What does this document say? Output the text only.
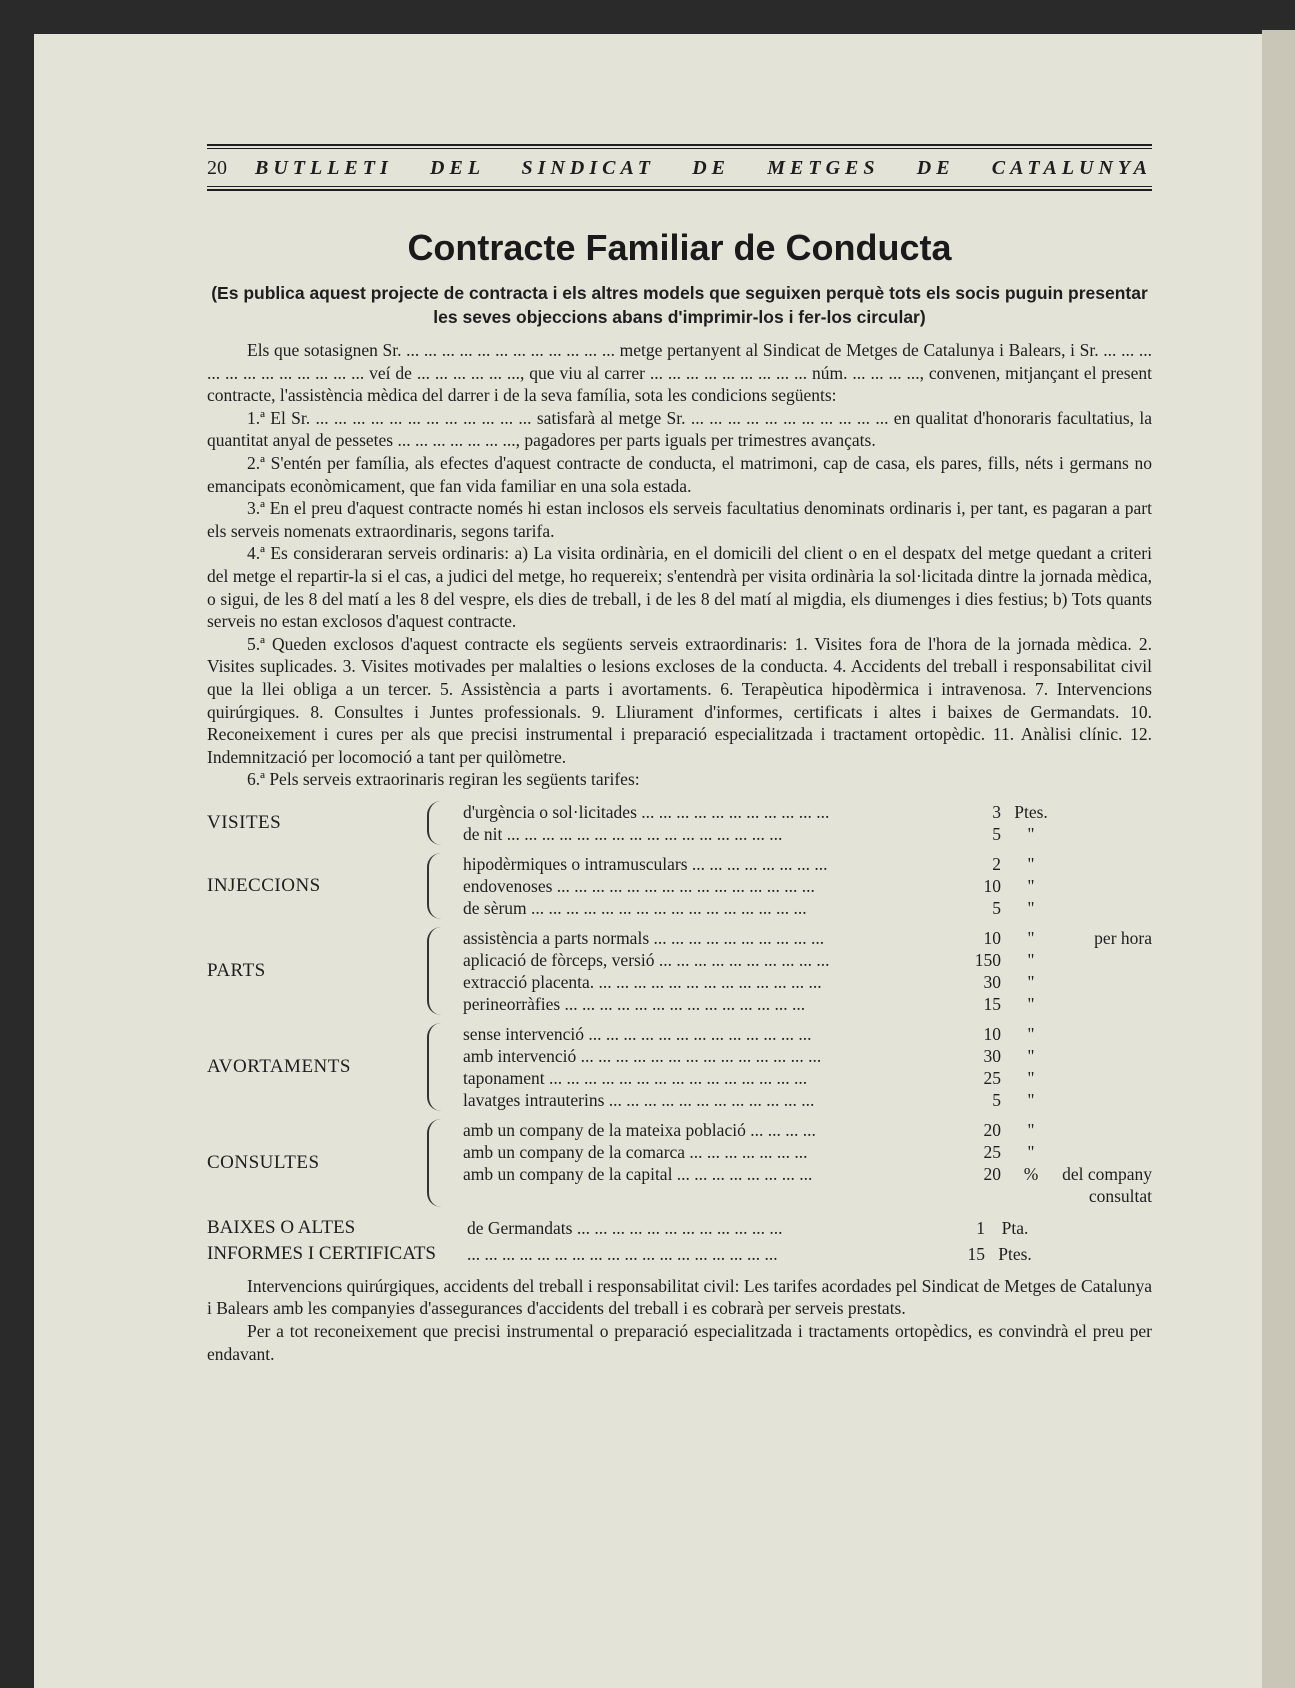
20 BUTLLETI DEL SINDICAT DE METGES DE CATALUNYA
Contracte Familiar de Conducta
(Es publica aquest projecte de contracta i els altres models que seguixen perquè tots els socis puguin presentar les seves objeccions abans d'imprimir-los i fer-los circular)

Els que sotasignen Sr. ... ... ... ... ... ... ... ... ... ... ... ... metge pertanyent al Sindicat de Metges de Catalunya i Balears, i Sr. ... ... ... ... ... ... ... ... ... ... ... ... veí de ... ... ... ... ... ..., que viu al carrer ... ... ... ... ... ... ... ... ... núm. ... ... ... ..., convenen, mitjançant el present contracte, l'assistència mèdica del darrer i de la seva família, sota les condicions següents:

1.ª El Sr. ... ... ... ... ... ... ... ... ... ... ... ... satisfarà al metge Sr. ... ... ... ... ... ... ... ... ... ... ... en qualitat d'honoraris facultatius, la quantitat anyal de pessetes ... ... ... ... ... ... ..., pagadores per parts iguals per trimestres avançats.

2.ª S'entén per família, als efectes d'aquest contracte de conducta, el matrimoni, cap de casa, els pares, fills, néts i germans no emancipats econòmicament, que fan vida familiar en una sola estada.

3.ª En el preu d'aquest contracte només hi estan inclosos els serveis facultatius denominats ordinaris i, per tant, es pagaran a part els serveis nomenats extraordinaris, segons tarifa.

4.ª Es consideraran serveis ordinaris: a) La visita ordinària, en el domicili del client o en el despatx del metge quedant a criteri del metge el repartir-la si el cas, a judici del metge, ho requereix; s'entendrà per visita ordinària la sol·licitada dintre la jornada mèdica, o sigui, de les 8 del matí a les 8 del vespre, els dies de treball, i de les 8 del matí al migdia, els diumenges i dies festius; b) Tots quants serveis no estan exclosos d'aquest contracte.

5.ª Queden exclosos d'aquest contracte els següents serveis extraordinaris: 1. Visites fora de l'hora de la jornada mèdica. 2. Visites suplicades. 3. Visites motivades per malalties o lesions excloses de la conducta. 4. Accidents del treball i responsabilitat civil que la llei obliga a un tercer. 5. Assistència a parts i avortaments. 6. Terapèutica hipodèrmica i intravenosa. 7. Intervencions quirúrgiques. 8. Consultes i Juntes professionals. 9. Lliurament d'informes, certificats i altes i baixes de Germandats. 10. Reconeixement i cures per als que precisi instrumental i preparació especialitzada i tractament ortopèdic. 11. Anàlisi clínic. 12. Indemnització per locomoció a tant per quilòmetre.

6.ª Pels serveis extraorinaris regiran les següents tarifes:

VISITES	d'urgència o sol·licitades ... ... ... ... ... ... ... ... ... ... ...	3 Ptes.
de nit ... ... ... ... ... ... ... ... ... ... ... ... ... ... ... ...	5	"
INJECCIONS
hipodèrmiques o intramusculars ... ... ... ... ... ... ... ...	2	"
endovenoses ... ... ... ... ... ... ... ... ... ... ... ... ... ... ...	10	"
de sèrum ... ... ... ... ... ... ... ... ... ... ... ... ... ... ... ...	5	"
PARTS
assistència a parts normals ... ... ... ... ... ... ... ... ... ...	10	"	per hora
aplicació de fòrceps, versió ... ... ... ... ... ... ... ... ... ...	150	"
extracció placenta. ... ... ... ... ... ... ... ... ... ... ... ... ...	30	"
perineorràfies ... ... ... ... ... ... ... ... ... ... ... ... ... ...	15	"
AVORTAMENTS
sense intervenció ... ... ... ... ... ... ... ... ... ... ... ... ...	10	"
amb intervenció ... ... ... ... ... ... ... ... ... ... ... ... ... ...	30	"
taponament ... ... ... ... ... ... ... ... ... ... ... ... ... ... ...	25	"
lavatges intrauterins ... ... ... ... ... ... ... ... ... ... ... ...	5	"
CONSULTES
amb un company de la mateixa població ... ... ... ...	20	"
amb un company de la comarca ... ... ... ... ... ... ...	25	"
amb un company de la capital ... ... ... ... ... ... ... ...	20	%	del company consultat
BAIXES O ALTES	de Germandats ... ... ... ... ... ... ... ... ... ... ... ...	1 Pta.
INFORMES I CERTIFICATS	... ... ... ... ... ... ... ... ... ... ... ... ... ... ... ... ... ...	15 Ptes.

Intervencions quirúrgiques, accidents del treball i responsabilitat civil: Les tarifes acordades pel Sindicat de Metges de Catalunya i Balears amb les companyies d'assegurances d'accidents del treball i es cobrarà per serveis prestats.

Per a tot reconeixement que precisi instrumental o preparació especialitzada i tractaments ortopèdics, es convindrà el preu per endavant.
